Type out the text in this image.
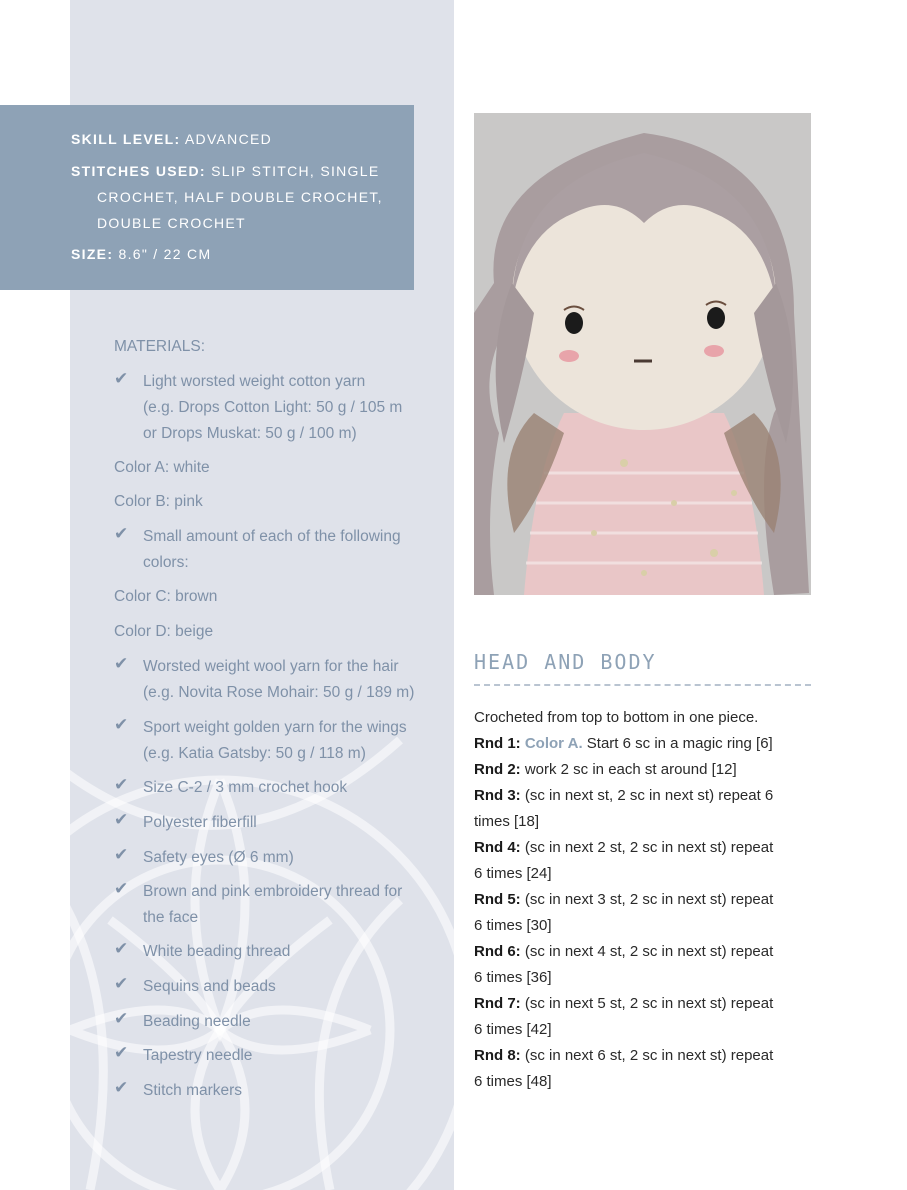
SKILL LEVEL: ADVANCED
STITCHES USED: SLIP STITCH, SINGLE
CROCHET, HALF DOUBLE CROCHET,
DOUBLE CROCHET
SIZE: 8.6" / 22 CM
MATERIALS:
✔ Light worsted weight cotton yarn
(e.g. Drops Cotton Light: 50 g / 105 m
or Drops Muskat: 50 g / 100 m)
Color A: white
Color B: pink
✔ Small amount of each of the following
colors:
Color C: brown
Color D: beige
✔ Worsted weight wool yarn for the hair
(e.g. Novita Rose Mohair: 50 g / 189 m)
✔ Sport weight golden yarn for the wings
(e.g. Katia Gatsby: 50 g / 118 m)
✔ Size C-2 / 3 mm crochet hook
✔ Polyester fiberfill
✔ Safety eyes (Ø 6 mm)
✔ Brown and pink embroidery thread for
the face
✔ White beading thread
✔ Sequins and beads
✔ Beading needle
✔ Tapestry needle
✔ Stitch markers
HEAD AND BODY

Crocheted from top to bottom in one piece.

Rnd 1: Color A. Start 6 sc in a magic ring [6]

Rnd 2: work 2 sc in each st around [12]

Rnd 3: (sc in next st, 2 sc in next st) repeat 6
times [18]

Rnd 4: (sc in next 2 st, 2 sc in next st) repeat
6 times [24]

Rnd 5: (sc in next 3 st, 2 sc in next st) repeat
6 times [30]

Rnd 6: (sc in next 4 st, 2 sc in next st) repeat
6 times [36]

Rnd 7: (sc in next 5 st, 2 sc in next st) repeat
6 times [42]

Rnd 8: (sc in next 6 st, 2 sc in next st) repeat
6 times [48]
